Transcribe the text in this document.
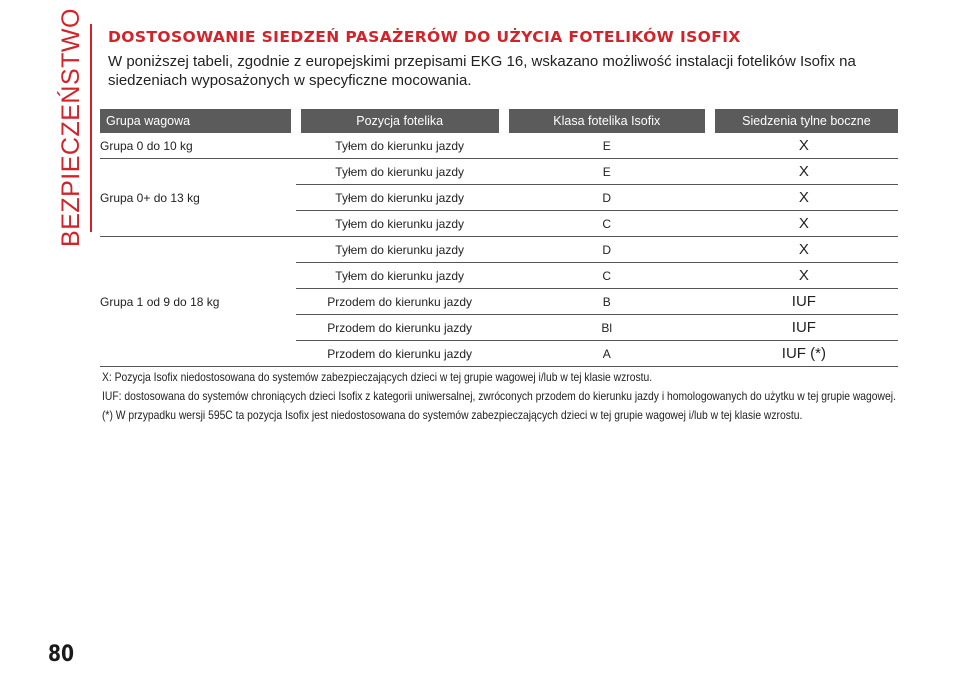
BEZPIECZEŃSTWO DOSTOSOWANIE SIEDZEŃ PASAŻERÓW DO UŻYCIA FOTELIKÓW ISOFIX

W poniższej tabeli, zgodnie z europejskimi przepisami EKG 16, wskazano możliwość instalacji fotelików Isofix na siedzeniach wyposażonych w specyficzne mocowania.

Grupa wagowa	Pozycja fotelika	Klasa fotelika Isofix	Siedzenia tylne boczne
Grupa 0 do 10 kg	Tyłem do kierunku jazdy	E	X
Grupa 0+ do 13 kg	Tyłem do kierunku jazdy	E	X
	Tyłem do kierunku jazdy	D	X
	Tyłem do kierunku jazdy	C	X
Grupa 1 od 9 do 18 kg	Tyłem do kierunku jazdy	D	X
	Tyłem do kierunku jazdy	C	X
	Przodem do kierunku jazdy	B	IUF
	Przodem do kierunku jazdy	Bl	IUF
	Przodem do kierunku jazdy	A	IUF (*)

X: Pozycja Isofix niedostosowana do systemów zabezpieczających dzieci w tej grupie wagowej i/lub w tej klasie wzrostu.

IUF: dostosowana do systemów chroniących dzieci Isofix z kategorii uniwersalnej, zwróconych przodem do kierunku jazdy i homologowanych do użytku w tej grupie wagowej.

(*) W przypadku wersji 595C ta pozycja Isofix jest niedostosowana do systemów zabezpieczających dzieci w tej grupie wagowej i/lub w tej klasie wzrostu.

80
